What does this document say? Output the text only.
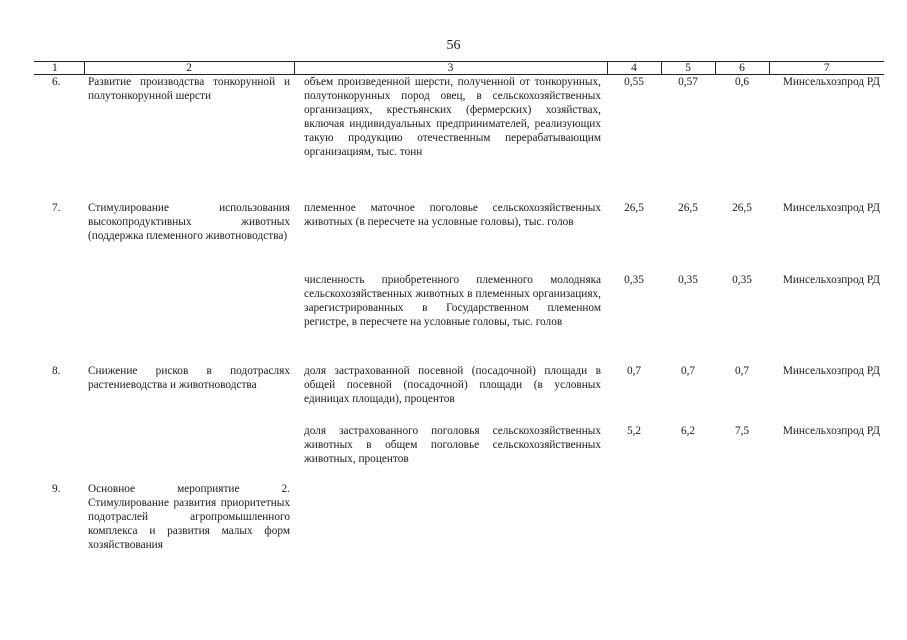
56
1	2	3	4	5	6	7
6.	Развитие производства тонкорунной и полутонкорунной шерсти	объем произведенной шерсти, полученной от тонкорунных, полутонкорунных пород овец, в сельскохозяйственных организациях, крестьянских (фермерских) хозяйствах, включая индивидуальных предпринимателей, реализующих такую продукцию отечественным перерабатывающим организациям, тыс. тонн	0,55	0,57	0,6	Минсельхозпрод РД
7.	Стимулирование использования высокопродуктивных животных (поддержка племенного животноводства)	племенное маточное поголовье сельскохозяйственных животных (в пересчете на условные головы), тыс. голов	26,5	26,5	26,5	Минсельхозпрод РД
		численность приобретенного племенного молодняка сельскохозяйственных животных в племенных организациях, зарегистрированных в Государственном племенном регистре, в пересчете на условные головы, тыс. голов	0,35	0,35	0,35	Минсельхозпрод РД
8.	Снижение рисков в подотраслях растениеводства и животноводства	доля застрахованной посевной (посадочной) площади в общей посевной (посадочной) площади (в условных единицах площади), процентов	0,7	0,7	0,7	Минсельхозпрод РД
		доля застрахованного поголовья сельскохозяйственных животных в общем поголовье сельскохозяйственных животных, процентов	5,2	6,2	7,5	Минсельхозпрод РД
9.	Основное мероприятие 2. Стимулирование развития приоритетных подотраслей агропромышленного комплекса и развития малых форм хозяйствования					
